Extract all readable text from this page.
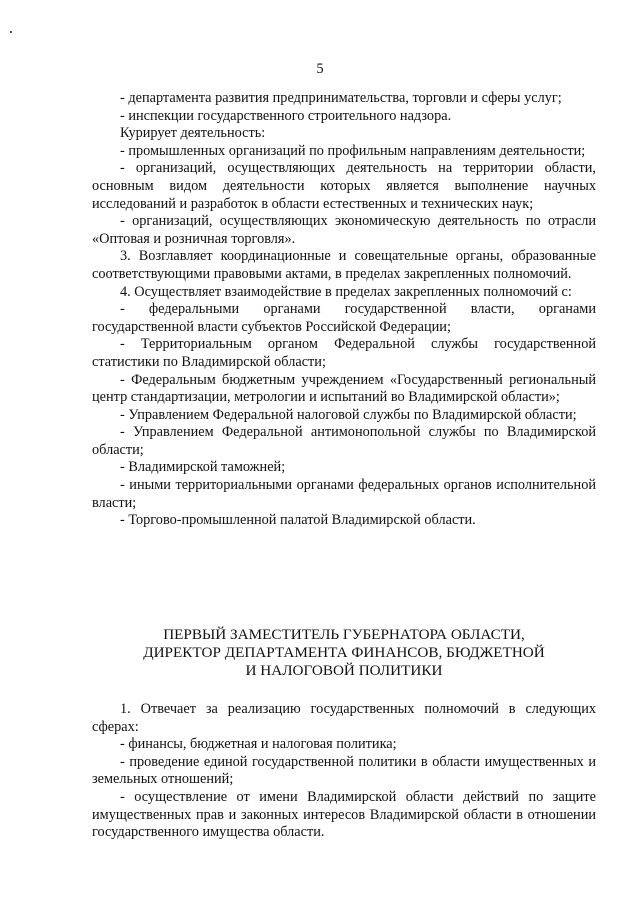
5

- департамента развития предпринимательства, торговли и сферы услуг;

- инспекции государственного строительного надзора.

Курирует деятельность:

- промышленных организаций по профильным направлениям деятельности;

- организаций, осуществляющих деятельность на территории области, основным видом деятельности которых является выполнение научных исследований и разработок в области естественных и технических наук;

- организаций, осуществляющих экономическую деятельность по отрасли «Оптовая и розничная торговля».

3. Возглавляет координационные и совещательные органы, образованные соответствующими правовыми актами, в пределах закрепленных полномочий.

4. Осуществляет взаимодействие в пределах закрепленных полномочий с:

- федеральными органами государственной власти, органами государственной власти субъектов Российской Федерации;

- Территориальным органом Федеральной службы государственной статистики по Владимирской области;

- Федеральным бюджетным учреждением «Государственный региональный центр стандартизации, метрологии и испытаний во Владимирской области»;

- Управлением Федеральной налоговой службы по Владимирской области;

- Управлением Федеральной антимонопольной службы по Владимирской области;

- Владимирской таможней;

- иными территориальными органами федеральных органов исполнительной власти;

- Торгово-промышленной палатой Владимирской области.

ПЕРВЫЙ ЗАМЕСТИТЕЛЬ ГУБЕРНАТОРА ОБЛАСТИ,
ДИРЕКТОР ДЕПАРТАМЕНТА ФИНАНСОВ, БЮДЖЕТНОЙ
И НАЛОГОВОЙ ПОЛИТИКИ

1. Отвечает за реализацию государственных полномочий в следующих сферах:

- финансы, бюджетная и налоговая политика;

- проведение единой государственной политики в области имущественных и земельных отношений;

- осуществление от имени Владимирской области действий по защите имущественных прав и законных интересов Владимирской области в отношении государственного имущества области.
